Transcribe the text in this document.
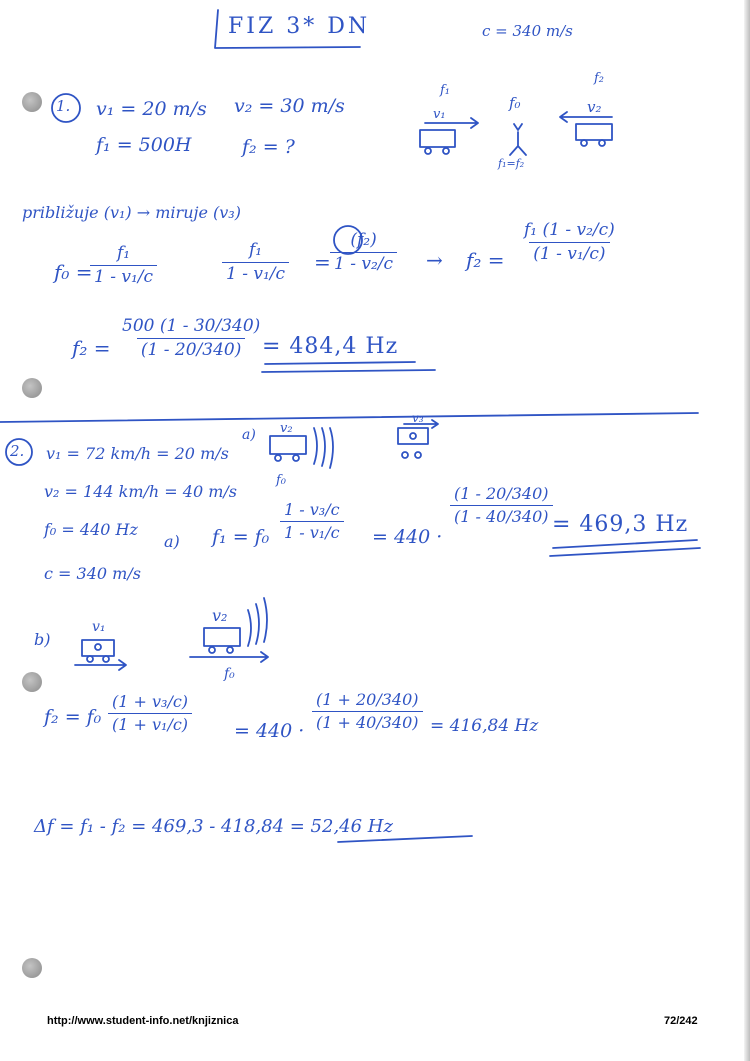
FIZ 3* DN	c = 340 m/s
1. v₁ = 20 m/s v₂ = 30 m/s
f₁ = 500H	f₂ = ?
f₁
v₁
f₀
f₂
v₂
f₁=f₂
približuje (v₁) → miruje (v₃)
f₀ =
$\frac{\text{f₁}}{\text{1 - v₁/c}}$	$\frac{\text{f₁}}{\text{1 - v₁/c}} = \frac{\text{(f₂)}}{\text{1 - v₂/c}} \to f_2 = \frac{\text{f₁ (1 - v₂/c)}}{\text{(1 - v₁/c)}}$
$f_2 = \frac{500 (1 - 30/340)}{(1 - 20/340)}$
= 484,4 Hz
2. v₁ = 72 km/h = 20 m/s
v₂ = 144 km/h = 40 m/s
f₀ = 440 Hz
c = 340 m/s
a) v₂
f₀
v₃
a) $f_1 = f_0 \frac{\text{1 - v₃/c}}{\text{1 - v₁/c}} = 440$ ·
$\frac{(1 - 20/340)}{(1 - 40/340)} = 469,3$ Hz
b)
v₁
v₂
f₀
$f_2 = f_0 \frac{\text{(1 + v₃/c)}}{\text{(1 + v₁/c)}} = 440 \cdot \frac{(1 + 20/340)}{(1 + 40/340)} = 416,84$ Hz
Δf = f₁ - f₂ = 469,3 - 418,84 = 52,46 Hz
http://www.student-info.net/knjiznica	72/242
